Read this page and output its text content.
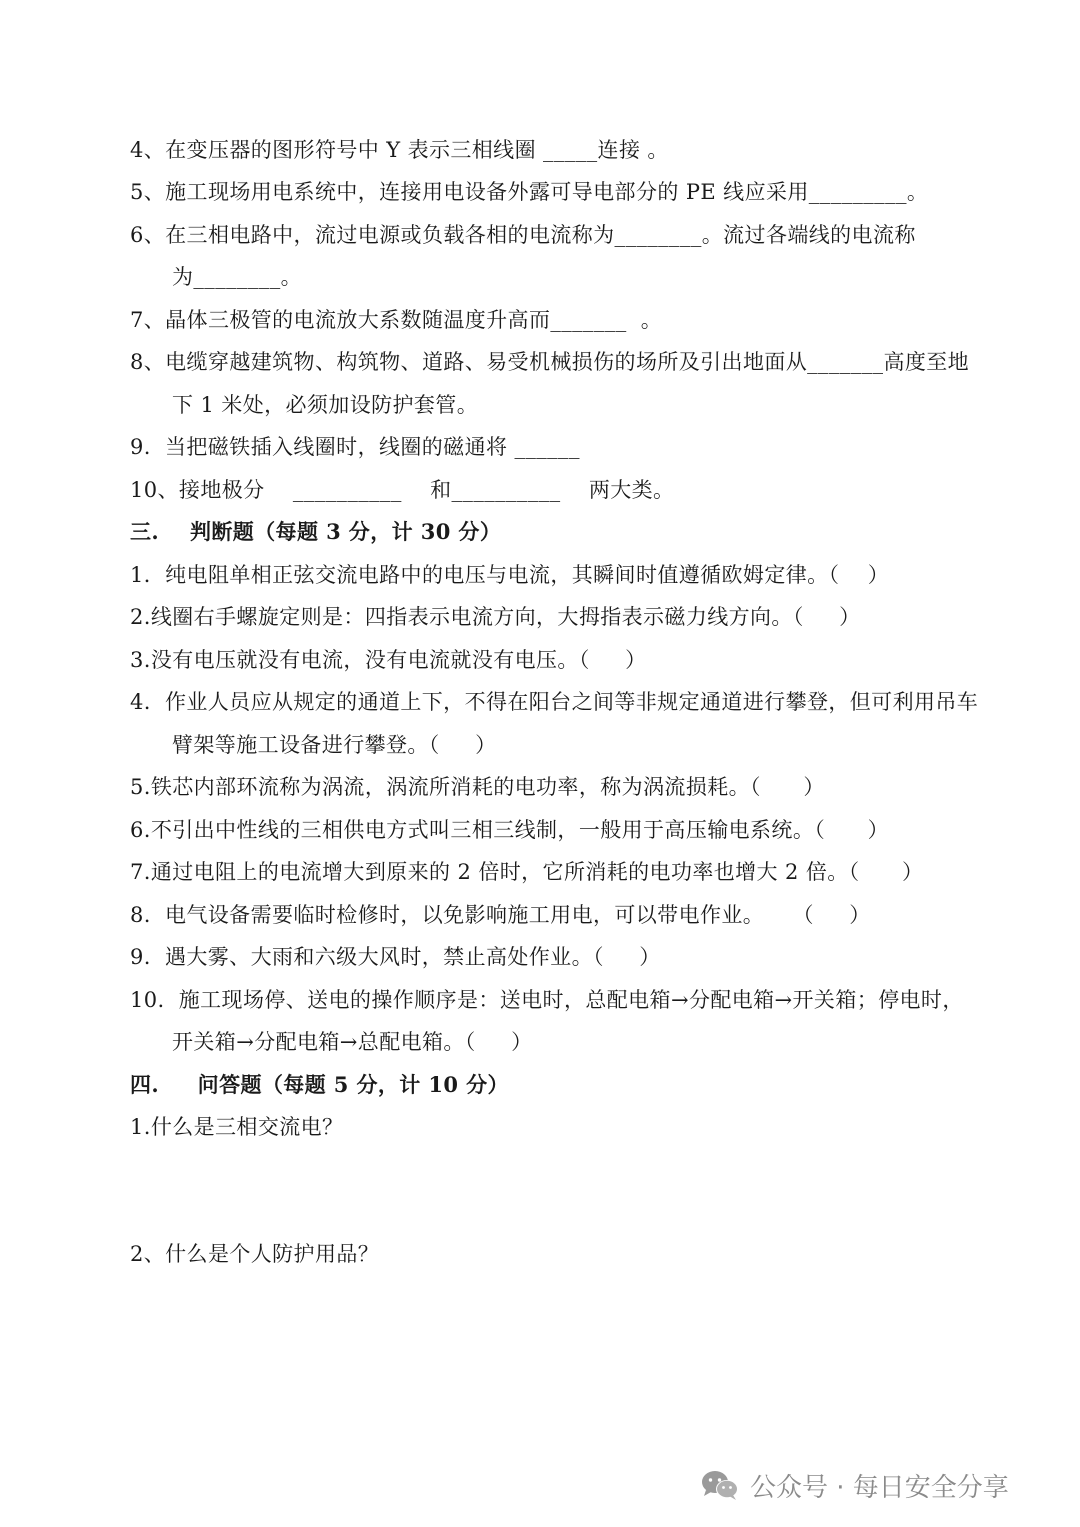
4、在变压器的图形符号中 Y 表示三相线圈 _____连接 。
5、施工现场用电系统中，连接用电设备外露可导电部分的 PE 线应采用_________。
6、在三相电路中，流过电源或负载各相的电流称为________。流过各端线的电流称
为________。
7、晶体三极管的电流放大系数随温度升高而_______  。
8、电缆穿越建筑物、构筑物、道路、易受机械损伤的场所及引出地面从_______高度至地
下 1 米处，必须加设防护套管。
9.  当把磁铁插入线圈时，线圈的磁通将 ______
10、接地极分    __________    和__________    两大类。
三.    判断题（每题 3 分，计 30 分）
1．纯电阻单相正弦交流电路中的电压与电流，其瞬间时值遵循欧姆定律。（    ）
2.线圈右手螺旋定则是：四指表示电流方向，大拇指表示磁力线方向。（     ）
3.没有电压就没有电流，没有电流就没有电压。（     ）
4.  作业人员应从规定的通道上下，不得在阳台之间等非规定通道进行攀登，但可利用吊车
臂架等施工设备进行攀登。（     ）
5.铁芯内部环流称为涡流，涡流所消耗的电功率，称为涡流损耗。（      ）
6.不引出中性线的三相供电方式叫三相三线制，一般用于高压输电系统。（      ）
7.通过电阻上的电流增大到原来的 2 倍时，它所消耗的电功率也增大 2 倍。（      ）
8.  电气设备需要临时检修时，以免影响施工用电，可以带电作业。    （     ）
9.  遇大雾、大雨和六级大风时，禁止高处作业。（     ）
10.  施工现场停、送电的操作顺序是：送电时，总配电箱→分配电箱→开关箱；停电时，
开关箱→分配电箱→总配电箱。（     ）
四.     问答题（每题 5 分，计 10 分）
1.什么是三相交流电？
2、什么是个人防护用品？
公众号 · 每日安全分享
